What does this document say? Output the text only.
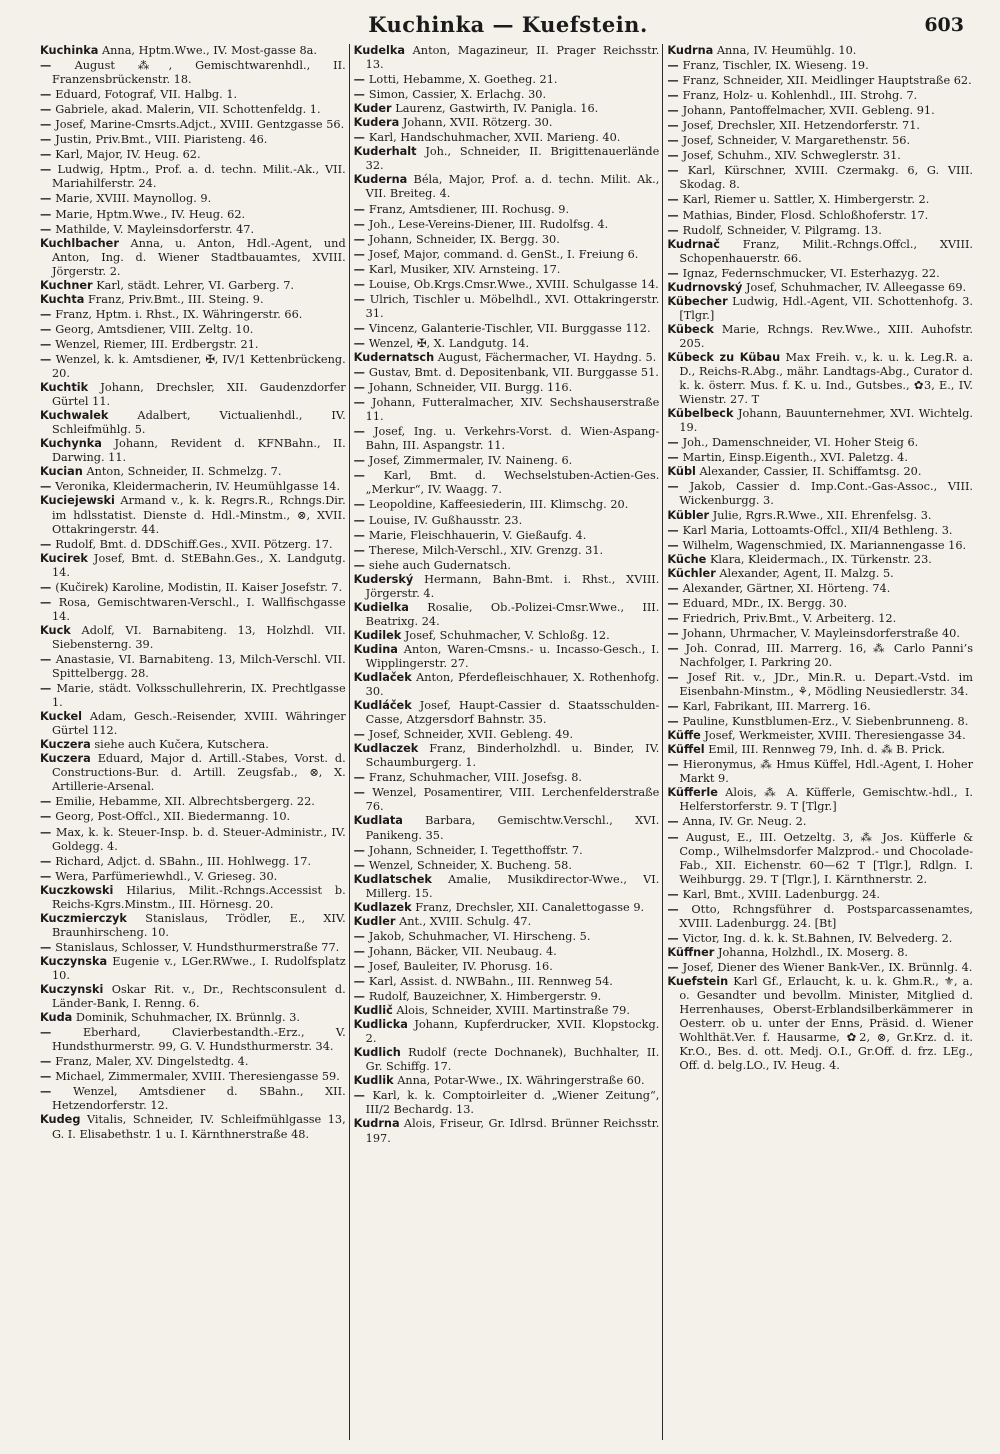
Kuchinka — Kuefstein.	603
Kuchinka Anna, Hptm.Wwe., IV. Most-gasse 8a.
— August ⁂, Gemischtwarenhdl., II. Franzensbrückenstr. 18.
— Eduard, Fotograf, VII. Halbg. 1.
— Gabriele, akad. Malerin, VII. Schottenfeldg. 1.
— Josef, Marine-Cmsrts.Adjct., XVIII. Gentzgasse 56.
— Justin, Priv.Bmt., VIII. Piaristeng. 46.
— Karl, Major, IV. Heug. 62.
— Ludwig, Hptm., Prof. a. d. techn. Milit.-Ak., VII. Mariahilferstr. 24.
— Marie, XVIII. Maynollog. 9.
— Marie, Hptm.Wwe., IV. Heug. 62.
— Mathilde, V. Mayleinsdorferstr. 47.
Kuchlbacher Anna, u. Anton, Hdl.-Agent, und Anton, Ing. d. Wiener Stadtbauamtes, XVIII. Jörgerstr. 2.
Kuchner Karl, städt. Lehrer, VI. Garberg. 7.
Kuchta Franz, Priv.Bmt., III. Steing. 9.
— Franz, Hptm. i. Rhst., IX. Währingerstr. 66.
— Georg, Amtsdiener, VIII. Zeltg. 10.
— Wenzel, Riemer, III. Erdbergstr. 21.
— Wenzel, k. k. Amtsdiener, ✠, IV/1 Kettenbrückeng. 20.
Kuchtik Johann, Drechsler, XII. Gaudenzdorfer Gürtel 11.
Kuchwalek	Adalbert, Victualienhdl., IV. Schleifmühlg. 5.
Kuchynka Johann, Revident d. KFNBahn., II. Darwing. 11.
Kucian Anton, Schneider, II. Schmelzg. 7.
— Veronika, Kleidermacherin, IV. Heumühlgasse 14.
Kuciejewski Armand v., k. k. Regrs.R., Rchngs.Dir. im hdlsstatist. Dienste d. Hdl.-Minstm., ⊗, XVII. Ottakringerstr. 44.
— Rudolf, Bmt. d. DDSchiff.Ges., XVII. Pötzerg. 17.
Kucirek Josef, Bmt. d. StEBahn.Ges., X. Landgutg. 14.
— (Kučirek) Karoline, Modistin, II. Kaiser Josefstr. 7.
— Rosa, Gemischtwaren-Verschl., I. Wallfischgasse 14.
Kuck Adolf, VI. Barnabiteng. 13, Holzhdl. VII. Siebensterng. 39.
— Anastasie, VI. Barnabiteng. 13, Milch-Verschl. VII. Spittelbergg. 28.
— Marie, städt. Volksschullehrerin, IX. Prechtlgasse 1.
Kuckel Adam, Gesch.-Reisender, XVIII. Währinger Gürtel 112.
Kuczera siehe auch Kučera, Kutschera.
Kuczera Eduard, Major d. Artill.-Stabes, Vorst. d. Constructions-Bur. d. Artill. Zeugsfab., ⊗, X. Artillerie-Arsenal.
— Emilie, Hebamme, XII. Albrechtsbergerg. 22.
— Georg, Post-Offcl., XII. Biedermanng. 10.
— Max, k. k. Steuer-Insp. b. d. Steuer-Administr., IV. Goldegg. 4.
— Richard, Adjct. d. SBahn., III. Hohlwegg. 17.
— Wera, Parfümeriewhdl., V. Grieseg. 30.
Kuczkowski Hilarius, Milit.-Rchngs.Accessist b. Reichs-Kgrs.Minstm., III. Hörnesg. 20.
Kuczmierczyk Stanislaus, Trödler, E., XIV. Braunhirscheng. 10.
— Stanislaus, Schlosser, V. Hundsthurmerstraße 77.
Kuczynska Eugenie v., LGer.RWwe., I. Rudolfsplatz 10.
Kuczynski Oskar Rit. v., Dr., Rechtsconsulent d. Länder-Bank, I. Renng. 6.
Kuda Dominik, Schuhmacher, IX. Brünnlg. 3.
— Eberhard, Clavierbestandth.-Erz., V. Hundsthurmerstr. 99, G. V. Hundsthurmerstr. 34.
— Franz, Maler, XV. Dingelstedtg. 4.
— Michael, Zimmermaler, XVIII. Theresiengasse 59.
— Wenzel, Amtsdiener d. SBahn., XII. Hetzendorferstr. 12.
Kudeg Vitalis, Schneider, IV. Schleifmühlgasse 13, G. I. Elisabethstr. 1 u. I. Kärnthnerstraße 48.
Kudelka Anton, Magazineur, II. Prager Reichsstr. 13.
— Lotti, Hebamme, X. Goetheg. 21.
— Simon, Cassier, X. Erlachg. 30.
Kuder Laurenz, Gastwirth, IV. Panigla. 16.
Kudera Johann, XVII. Rötzerg. 30.
— Karl, Handschuhmacher, XVII. Marieng. 40.
Kuderhalt Joh., Schneider, II. Brigittenauerlände 32.
Kuderna Béla, Major, Prof. a. d. techn. Milit. Ak., VII. Breiteg. 4.
— Franz, Amtsdiener, III. Rochusg. 9.
— Joh., Lese-Vereins-Diener, III. Rudolfsg. 4.
— Johann, Schneider, IX. Bergg. 30.
— Josef, Major, command. d. GenSt., I. Freiung 6.
— Karl, Musiker, XIV. Arnsteing. 17.
— Louise, Ob.Krgs.Cmsr.Wwe., XVIII. Schulgasse 14.
— Ulrich, Tischler u. Möbelhdl., XVI. Ottakringerstr. 31.
— Vincenz, Galanterie-Tischler, VII. Burggasse 112.
— Wenzel, ✠, X. Landgutg. 14.
Kudernatsch August, Fächermacher, VI. Haydng. 5.
— Gustav, Bmt. d. Depositenbank, VII. Burggasse 51.
— Johann, Schneider, VII. Burgg. 116.
— Johann, Futteralmacher, XIV. Sechshauserstraße 11.
— Josef, Ing. u. Verkehrs-Vorst. d. Wien-Aspang-Bahn, III. Aspangstr. 11.
— Josef, Zimmermaler, IV. Naineng. 6.
— Karl, Bmt. d. Wechselstuben-Actien-Ges. „Merkur“, IV. Waagg. 7.
— Leopoldine, Kaffeesiederin, III. Klimschg. 20.
— Louise, IV. Gußhausstr. 23.
— Marie, Fleischhauerin, V. Gießaufg. 4.
— Therese, Milch-Verschl., XIV. Grenzg. 31.
— siehe auch Gudernatsch.
Kuderský Hermann, Bahn-Bmt. i. Rhst., XVIII. Jörgerstr. 4.
Kudielka Rosalie, Ob.-Polizei-Cmsr.Wwe., III. Beatrixg. 24.
Kudilek Josef, Schuhmacher, V. Schloßg. 12.
Kudina Anton, Waren-Cmsns.- u. Incasso-Gesch., I. Wipplingerstr. 27.
Kudlaček Anton, Pferdefleischhauer, X. Rothenhofg. 30.
Kudláček Josef, Haupt-Cassier d. Staatsschulden-Casse, Atzgersdorf Bahnstr. 35.
— Josef, Schneider, XVII. Gebleng. 49.
Kudlaczek Franz, Binderholzhdl. u. Binder, IV. Schaumburgerg. 1.
— Franz, Schuhmacher, VIII. Josefsg. 8.
— Wenzel, Posamentirer, VIII. Lerchenfelderstraße 76.
Kudlata Barbara, Gemischtw.Verschl., XVI. Panikeng. 35.
— Johann, Schneider, I. Tegetthoffstr. 7.
— Wenzel, Schneider, X. Bucheng. 58.
Kudlatschek Amalie, Musikdirector-Wwe., VI. Millerg. 15.
Kudlazek Franz, Drechsler, XII. Canalettogasse 9.
Kudler Ant., XVIII. Schulg. 47.
— Jakob, Schuhmacher, VI. Hirscheng. 5.
— Johann, Bäcker, VII. Neubaug. 4.
— Josef, Bauleiter, IV. Phorusg. 16.
— Karl, Assist. d. NWBahn., III. Rennweg 54.
— Rudolf, Bauzeichner, X. Himbergerstr. 9.
Kudlič Alois, Schneider, XVIII. Martinstraße 79.
Kudlicka Johann, Kupferdrucker, XVII. Klopstockg. 2.
Kudlich Rudolf (recte Dochnanek), Buchhalter, II. Gr. Schiffg. 17.
Kudlik Anna, Potar-Wwe., IX. Währingerstraße 60.
— Karl, k. k. Comptoirleiter d. „Wiener Zeitung“, III/2 Bechardg. 13.
Kudrna Alois, Friseur, Gr. Idlrsd. Brünner Reichsstr. 197.
Kudrna Anna, IV. Heumühlg. 10.
— Franz, Tischler, IX. Wieseng. 19.
— Franz, Schneider, XII. Meidlinger Hauptstraße 62.
— Franz, Holz- u. Kohlenhdl., III. Strohg. 7.
— Johann, Pantoffelmacher, XVII. Gebleng. 91.
— Josef, Drechsler, XII. Hetzendorferstr. 71.
— Josef, Schneider, V. Margarethenstr. 56.
— Josef, Schuhm., XIV. Schweglerstr. 31.
— Karl, Kürschner, XVIII. Czermakg. 6, G. VIII. Skodag. 8.
— Karl, Riemer u. Sattler, X. Himbergerstr. 2.
— Mathias, Binder, Flosd. Schloßhoferstr. 17.
— Rudolf, Schneider, V. Pilgramg. 13.
Kudrnač Franz, Milit.-Rchngs.Offcl., XVIII. Schopenhauerstr. 66.
— Ignaz, Federnschmucker, VI. Esterhazyg. 22.
Kudrnovský Josef, Schuhmacher, IV. Alleegasse 69.
Kübecher Ludwig, Hdl.-Agent, VII. Schottenhofg. 3. [Tlgr.]
Kübeck Marie, Rchngs. Rev.Wwe., XIII. Auhofstr. 205.
Kübeck zu Kübau Max Freih. v., k. u. k. Leg.R. a. D., Reichs-R.Abg., mähr. Landtags-Abg., Curator d. k. k. österr. Mus. f. K. u. Ind., Gutsbes., ✿3, E., IV. Wienstr. 27. T
Kübelbeck Johann, Bauunternehmer, XVI. Wichtelg. 19.
— Joh., Damenschneider, VI. Hoher Steig 6.
— Martin, Einsp.Eigenth., XVI. Paletzg. 4.
Kübl Alexander, Cassier, II. Schiffamtsg. 20.
— Jakob, Cassier d. Imp.Cont.-Gas-Assoc., VIII. Wickenburgg. 3.
Kübler Julie, Rgrs.R.Wwe., XII. Ehrenfelsg. 3.
— Karl Maria, Lottoamts-Offcl., XII/4 Bethleng. 3.
— Wilhelm, Wagenschmied, IX. Mariannengasse 16.
Küche Klara, Kleidermach., IX. Türkenstr. 23.
Küchler Alexander, Agent, II. Malzg. 5.
— Alexander, Gärtner, XI. Hörteng. 74.
— Eduard, MDr., IX. Bergg. 30.
— Friedrich, Priv.Bmt., V. Arbeiterg. 12.
— Johann, Uhrmacher, V. Mayleinsdorferstraße 40.
— Joh. Conrad, III. Marrerg. 16, ⁂ Carlo Panni’s Nachfolger, I. Parkring 20.
— Josef Rit. v., JDr., Min.R. u. Depart.-Vstd. im Eisenbahn-Minstm., ⚘, Mödling Neusiedlerstr. 34.
— Karl, Fabrikant, III. Marrerg. 16.
— Pauline, Kunstblumen-Erz., V. Siebenbrunneng. 8.
Küffe Josef, Werkmeister, XVIII. Theresiengasse 34.
Küffel Emil, III. Rennweg 79, Inh. d. ⁂ B. Prick.
— Hieronymus, ⁂ Hmus Küffel, Hdl.-Agent, I. Hoher Markt 9.
Küfferle Alois, ⁂ A. Küfferle, Gemischtw.-hdl., I. Helferstorferstr. 9. T [Tlgr.]
— Anna, IV. Gr. Neug. 2.
— August, E., III. Oetzeltg. 3, ⁂ Jos. Küfferle & Comp., Wilhelmsdorfer Malzprod.- und Chocolade-Fab., XII. Eichenstr. 60—62 T [Tlgr.], Rdlgn. I. Weihburgg. 29. T [Tlgr.], I. Kärnthnerstr. 2.
— Karl, Bmt., XVIII. Ladenburgg. 24.
— Otto, Rchngsführer d. Postsparcassenamtes, XVIII. Ladenburgg. 24. [Bt]
— Victor, Ing. d. k. k. St.Bahnen, IV. Belvederg. 2.
Küffner Johanna, Holzhdl., IX. Moserg. 8.
— Josef, Diener des Wiener Bank-Ver., IX. Brünnlg. 4.
Kuefstein Karl Gf., Erlaucht, k. u. k. Ghm.R., ⚜, a. o. Gesandter und bevollm. Minister, Mitglied d. Herrenhauses, Oberst-Erblandsilberkämmerer in Oesterr. ob u. unter der Enns, Präsid. d. Wiener Wohlthät.Ver. f. Hausarme, ✿2, ⊗, Gr.Krz. d. it. Kr.O., Bes. d. ott. Medj. O.I., Gr.Off. d. frz. LEg., Off. d. belg.LO., IV. Heug. 4.
